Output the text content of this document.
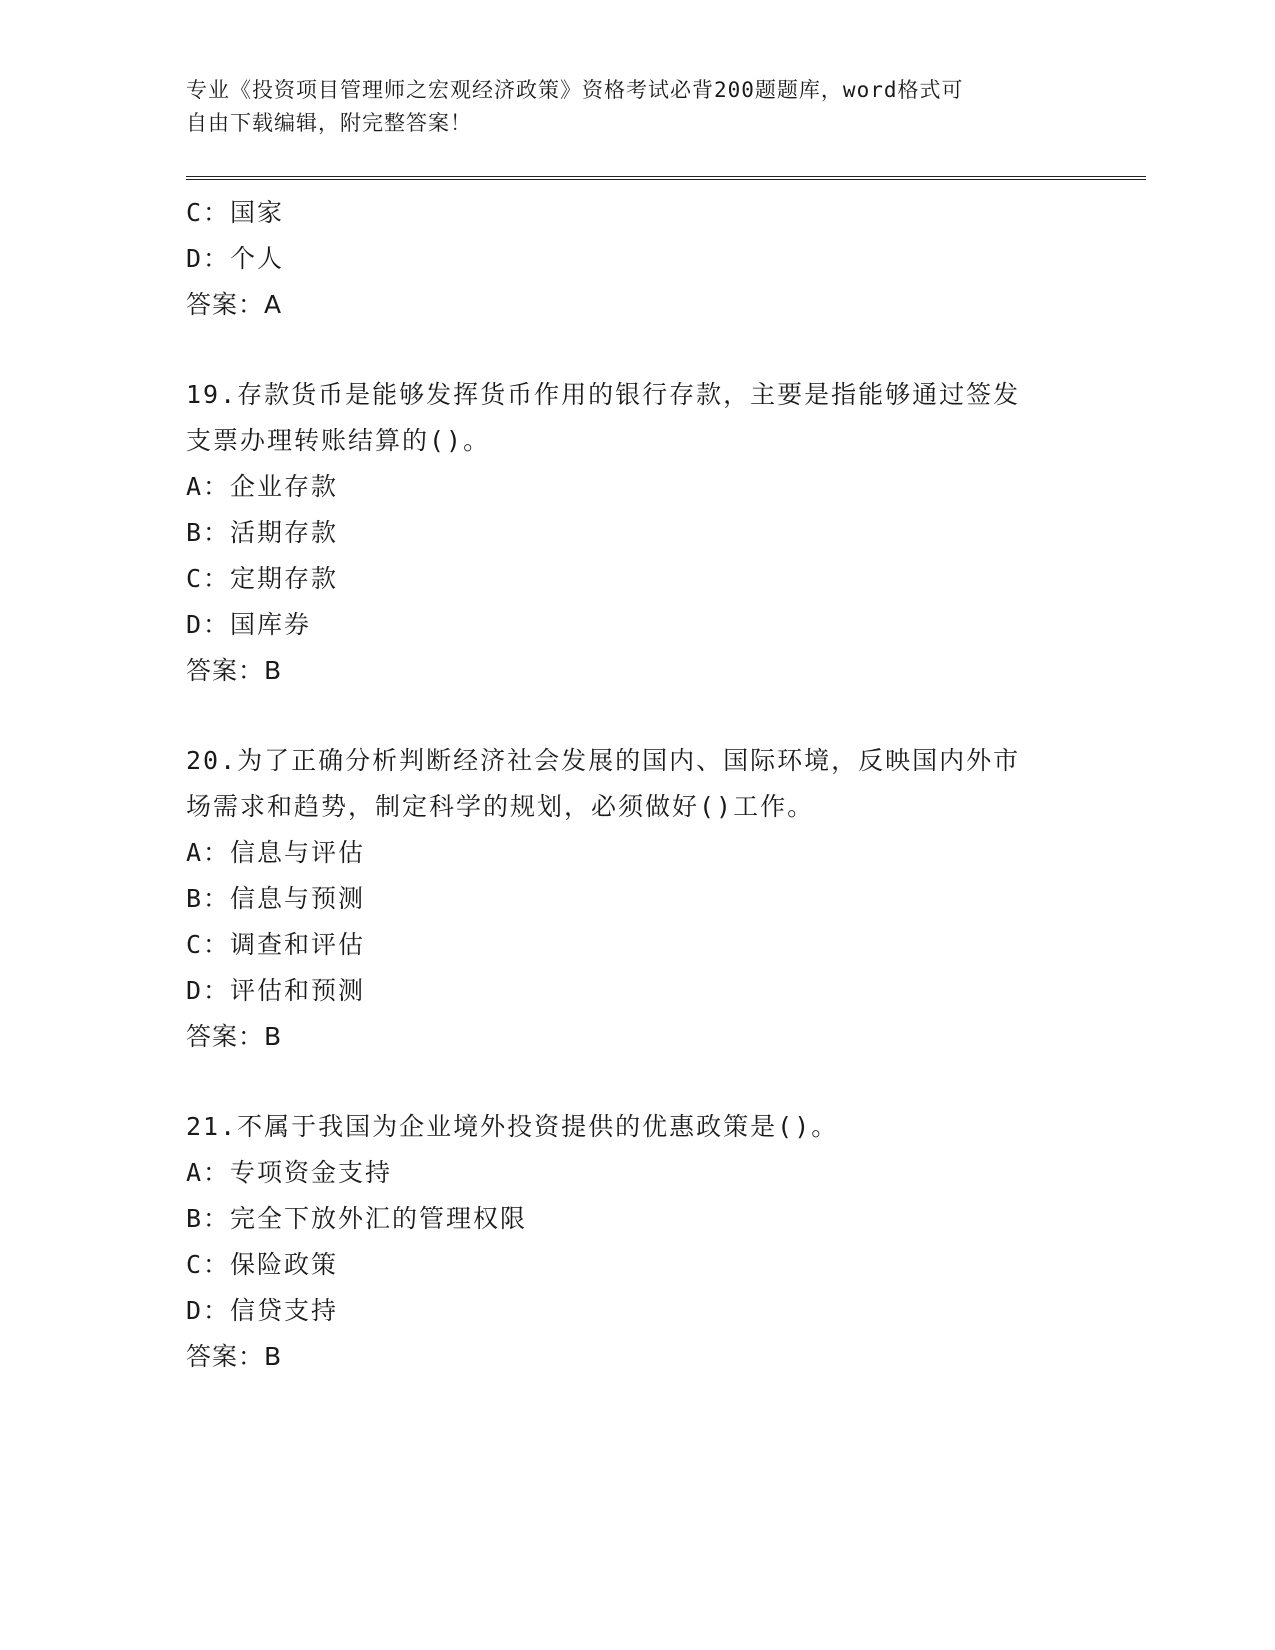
专业《投资项目管理师之宏观经济政策》资格考试必背200题题库，word格式可
自由下载编辑，附完整答案！
C：国家
D：个人
答案：A
19.存款货币是能够发挥货币作用的银行存款，主要是指能够通过签发
支票办理转账结算的()。
A：企业存款
B：活期存款
C：定期存款
D：国库券
答案：B
20.为了正确分析判断经济社会发展的国内、国际环境，反映国内外市
场需求和趋势，制定科学的规划，必须做好()工作。
A：信息与评估
B：信息与预测
C：调查和评估
D：评估和预测
答案：B
21.不属于我国为企业境外投资提供的优惠政策是()。
A：专项资金支持
B：完全下放外汇的管理权限
C：保险政策
D：信贷支持
答案：B
